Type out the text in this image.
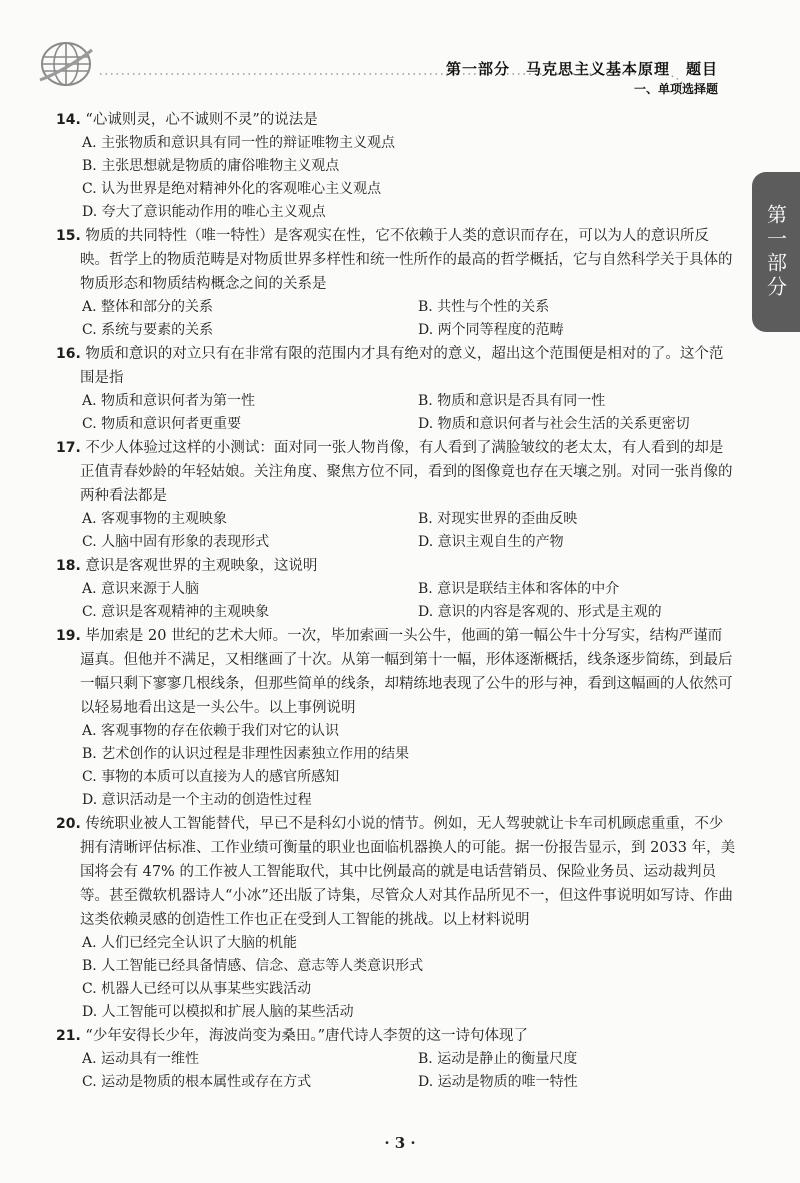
第一部分　马克思主义基本原理　题目
一、单项选择题
第一部分
14. “心诚则灵，心不诚则不灵”的说法是
A. 主张物质和意识具有同一性的辩证唯物主义观点
B. 主张思想就是物质的庸俗唯物主义观点
C. 认为世界是绝对精神外化的客观唯心主义观点
D. 夸大了意识能动作用的唯心主义观点
15. 物质的共同特性（唯一特性）是客观实在性，它不依赖于人类的意识而存在，可以为人的意识所反映。哲学上的物质范畴是对物质世界多样性和统一性所作的最高的哲学概括，它与自然科学关于具体的物质形态和物质结构概念之间的关系是
A. 整体和部分的关系	B. 共性与个性的关系
C. 系统与要素的关系	D. 两个同等程度的范畴
16. 物质和意识的对立只有在非常有限的范围内才具有绝对的意义，超出这个范围便是相对的了。这个范围是指
A. 物质和意识何者为第一性	B. 物质和意识是否具有同一性
C. 物质和意识何者更重要	D. 物质和意识何者与社会生活的关系更密切
17. 不少人体验过这样的小测试：面对同一张人物肖像，有人看到了满脸皱纹的老太太，有人看到的却是正值青春妙龄的年轻姑娘。关注角度、聚焦方位不同，看到的图像竟也存在天壤之别。对同一张肖像的两种看法都是
A. 客观事物的主观映象	B. 对现实世界的歪曲反映
C. 人脑中固有形象的表现形式	D. 意识主观自生的产物
18. 意识是客观世界的主观映象，这说明
A. 意识来源于人脑	B. 意识是联结主体和客体的中介
C. 意识是客观精神的主观映象	D. 意识的内容是客观的、形式是主观的
19. 毕加索是 20 世纪的艺术大师。一次，毕加索画一头公牛，他画的第一幅公牛十分写实，结构严谨而逼真。但他并不满足，又相继画了十次。从第一幅到第十一幅，形体逐渐概括，线条逐步简练，到最后一幅只剩下寥寥几根线条，但那些简单的线条，却精练地表现了公牛的形与神，看到这幅画的人依然可以轻易地看出这是一头公牛。以上事例说明
A. 客观事物的存在依赖于我们对它的认识
B. 艺术创作的认识过程是非理性因素独立作用的结果
C. 事物的本质可以直接为人的感官所感知
D. 意识活动是一个主动的创造性过程
20. 传统职业被人工智能替代，早已不是科幻小说的情节。例如，无人驾驶就让卡车司机顾虑重重，不少拥有清晰评估标准、工作业绩可衡量的职业也面临机器换人的可能。据一份报告显示，到 2033 年，美国将会有 47% 的工作被人工智能取代，其中比例最高的就是电话营销员、保险业务员、运动裁判员等。甚至微软机器诗人“小冰”还出版了诗集，尽管众人对其作品所见不一，但这件事说明如写诗、作曲这类依赖灵感的创造性工作也正在受到人工智能的挑战。以上材料说明
A. 人们已经完全认识了大脑的机能
B. 人工智能已经具备情感、信念、意志等人类意识形式
C. 机器人已经可以从事某些实践活动
D. 人工智能可以模拟和扩展人脑的某些活动
21. “少年安得长少年，海波尚变为桑田。”唐代诗人李贺的这一诗句体现了
A. 运动具有一维性	B. 运动是静止的衡量尺度
C. 运动是物质的根本属性或存在方式	D. 运动是物质的唯一特性
· 3 ·
